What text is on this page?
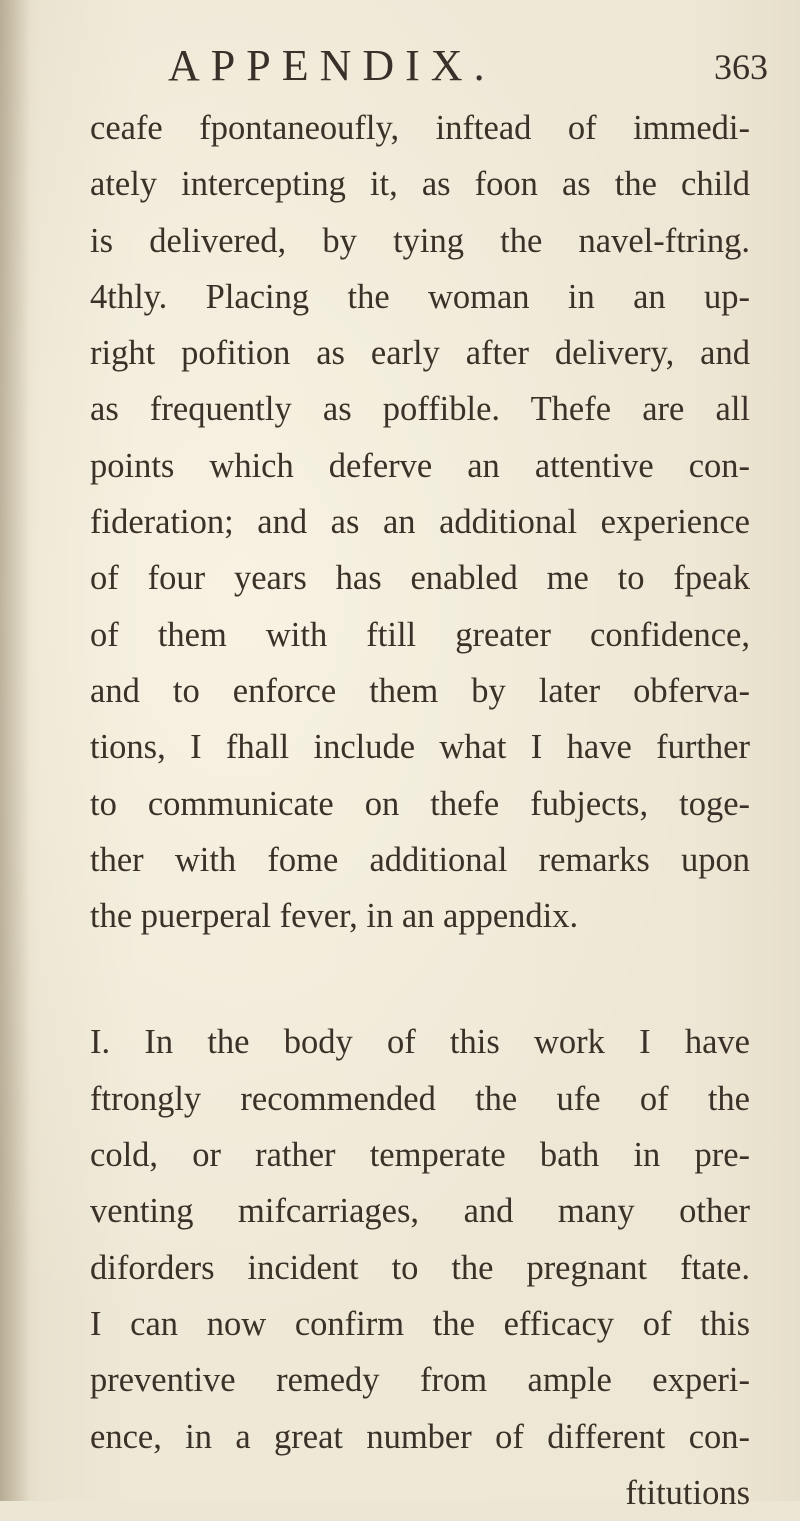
APPENDIX.	363
ceafe fpontaneoufly, inftead of immedi-
ately intercepting it, as foon as the child
is delivered, by tying the navel-ftring.
4thly. Placing the woman in an up-
right pofition as early after delivery, and
as frequently as poffible. Thefe are all
points which deferve an attentive con-
fideration; and as an additional experience
of four years has enabled me to fpeak
of them with ftill greater confidence,
and to enforce them by later obferva-
tions, I fhall include what I have further
to communicate on thefe fubjects, toge-
ther with fome additional remarks upon
the puerperal fever, in an appendix.
I. In the body of this work I have
ftrongly recommended the ufe of the
cold, or rather temperate bath in pre-
venting mifcarriages, and many other
diforders incident to the pregnant ftate.
I can now confirm the efficacy of this
preventive remedy from ample experi-
ence, in a great number of different con-
ftitutions
